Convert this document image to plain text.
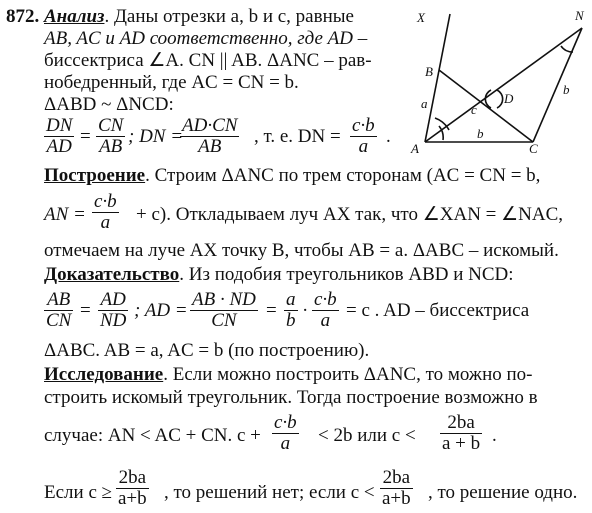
872. Анализ. Даны отрезки a, b и c, равные
AB, AC и AD соответственно, где AD –
биссектриса ∠A. CN || AB. ΔANC – рав-
нобедренный, где AC = CN = b.
ΔABD ~ ΔNCD:
$\frac{DN}{AD} = \frac{CN}{AB}$ ; DN =
$\frac{AD\cdot CN}{AB}$ , т. е. DN = $\frac{c\cdot b}{a}$ .
Построение. Строим ΔANC по трем сторонам (AC = CN = b,
AN = $\frac{c\cdot b}{a} + c$). Откладываем луч AX так, что ∠XAN = ∠NAC,
отмечаем на луче AX точку B, чтобы AB = a. ΔABC – искомый.
Доказательство. Из подобия треугольников ABD и NCD:
$\frac{AB}{CN} = \frac{AD}{ND}$ ; AD = $\frac{AB \cdot ND}{CN} = \frac{a}{b} \cdot \frac{c\cdot b}{a} = c$ . AD – биссектриса
ΔABC. AB = a, AC = b (по построению).
Исследование. Если можно построить ΔANC, то можно по-
строить искомый треугольник. Тогда построение возможно в
случае: AN < AC + CN. $c + \frac{c\cdot b}{a} < 2b$ или $c < \frac{2ba}{a + b}$ .
Если $c \ge \frac{2ba}{a+b}$ , то решений нет; если $c < \frac{2ba}{a+b}$ , то решение одно.
X	N
B
A	C
D
a
b
b
c
